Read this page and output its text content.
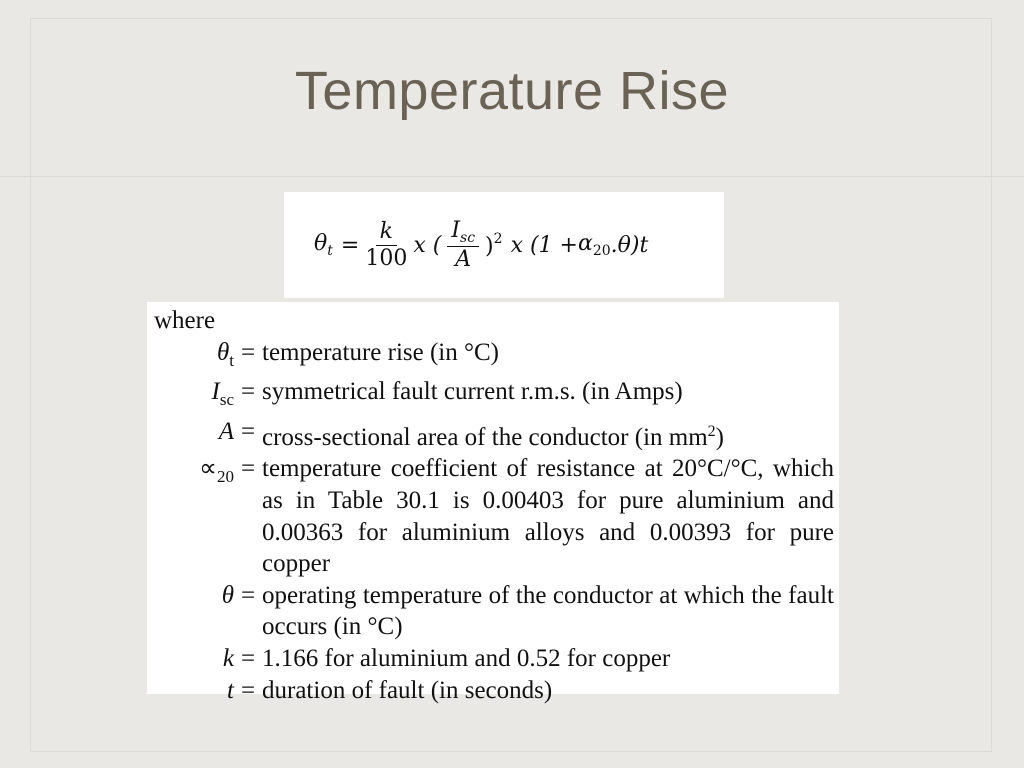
Temperature Rise
$\theta_t = \frac{k}{100}$ x ( $\frac{I_{sc}}{A} )^2$ x ($1 + \alpha_{20}$ .θ)t
where
$\theta_t$ = temperature rise (in °C)
$I_{sc}$ = symmetrical fault current r.m.s. (in Amps)
A = cross-sectional area of the conductor (in $mm^2$)
$\propto_{20}$ = temperature coefficient of resistance at 20°C/°C, which as in Table 30.1 is 0.00403 for pure aluminium and 0.00363 for aluminium alloys and 0.00393 for pure copper
θ = operating temperature of the conductor at which the fault occurs (in °C)
k = 1.166 for aluminium and 0.52 for copper
t = duration of fault (in seconds)
